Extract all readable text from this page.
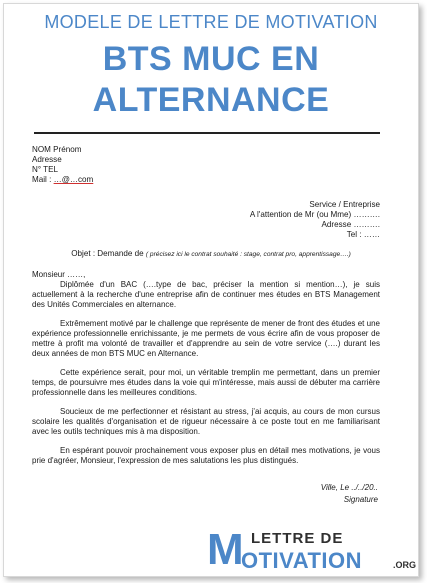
MODELE DE LETTRE DE MOTIVATION
BTS MUC EN
ALTERNANCE
NOM Prénom
Adresse
N° TEL
Mail : …@…com
Service / Entreprise
A l'attention de Mr (ou Mme) ……….
Adresse ……….
Tel : ……
Objet : Demande de ( précisez ici le contrat souhaité : stage, contrat pro, apprentissage….)

Monsieur ……,

Diplômée d'un BAC (….type de bac, préciser la mention si mention…), je suis actuellement à la recherche d'une entreprise afin de continuer mes études en BTS Management des Unités Commerciales en alternance.

Extrêmement motivé par le challenge que représente de mener de front des études et une expérience professionnelle enrichissante, je me permets de vous écrire afin de vous proposer de mettre à profit ma volonté de travailler et d'apprendre au sein de votre service (….) durant les deux années de mon BTS MUC en Alternance.

Cette expérience serait, pour moi, un véritable tremplin me permettant, dans un premier temps, de poursuivre mes études dans la voie qui m'intéresse, mais aussi de débuter ma carrière professionnelle dans les meilleures conditions.

Soucieux de me perfectionner et résistant au stress, j'ai acquis, au cours de mon cursus scolaire les qualités d'organisation et de rigueur nécessaire à ce poste tout en me familiarisant avec les outils techniques mis à ma disposition.

En espérant pouvoir prochainement vous exposer plus en détail mes motivations, je vous prie d'agréer, Monsieur, l'expression de mes salutations les plus distingués.

Ville, Le ../../20..
Signature
LETTRE DE
M
OTIVATION	.ORG
